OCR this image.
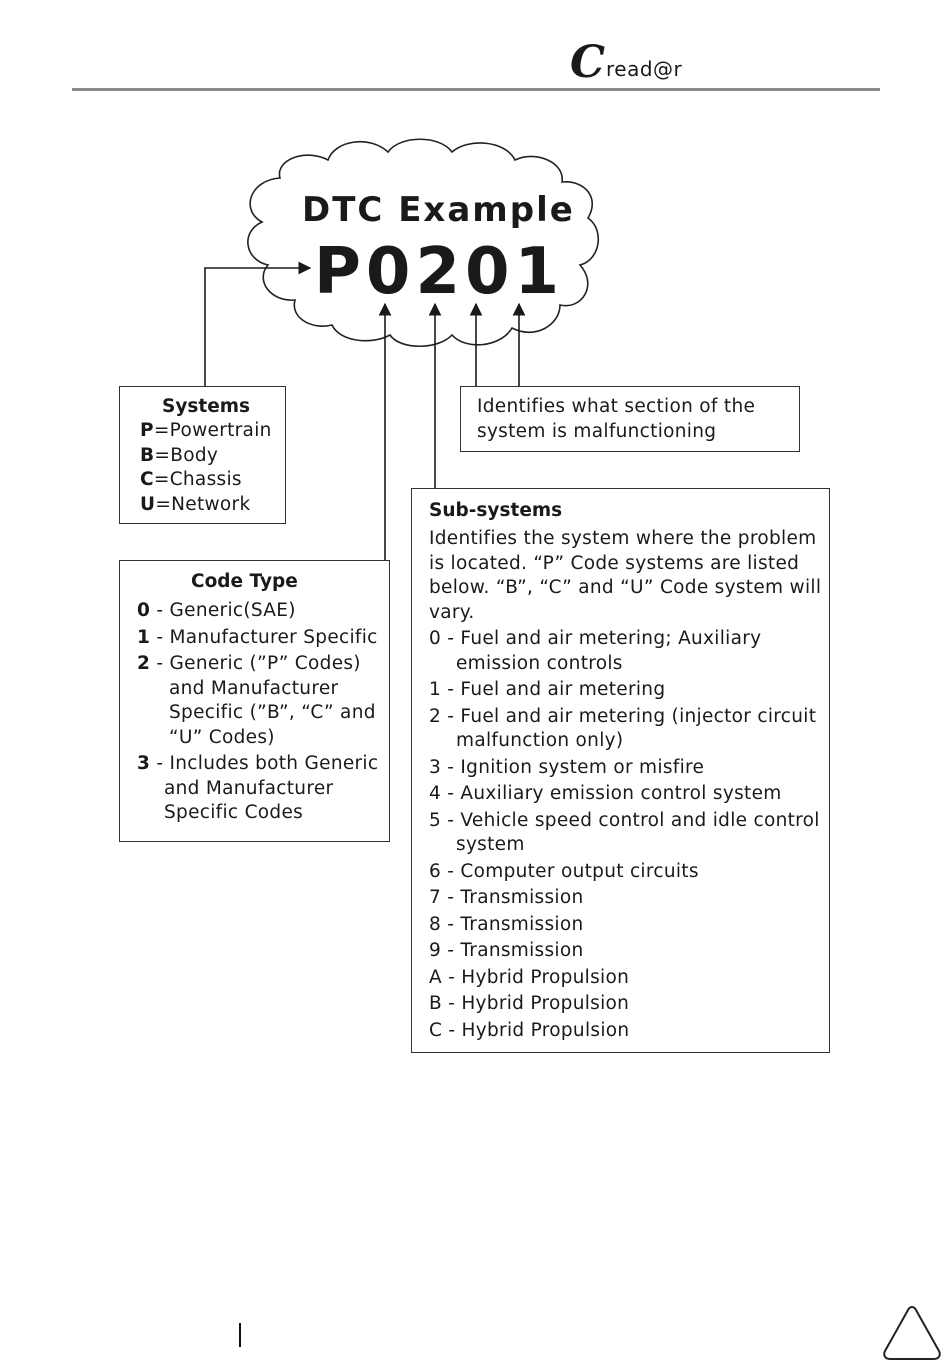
C read@r
DTC Example
P0201
Systems
P=Powertrain
B=Body
C=Chassis
U=Network
Identifies what section of the
system is malfunctioning
Code Type
0 - Generic(SAE)
1 - Manufacturer Specific
2 - Generic (”P” Codes)
and Manufacturer
Specific (”B”, “C” and
“U” Codes)
3 - Includes both Generic
and Manufacturer
Specific Codes
Sub-systems
Identifies the system where the problem
is located. “P” Code systems are listed
below. “B”, “C” and “U” Code system will
vary.
0 - Fuel and air metering; Auxiliary
emission controls
1 - Fuel and air metering
2 - Fuel and air metering (injector circuit
malfunction only)
3 - Ignition system or misfire
4 - Auxiliary emission control system
5 - Vehicle speed control and idle control
system
6 - Computer output circuits
7 - Transmission
8 - Transmission
9 - Transmission
A - Hybrid Propulsion
B - Hybrid Propulsion
C - Hybrid Propulsion
